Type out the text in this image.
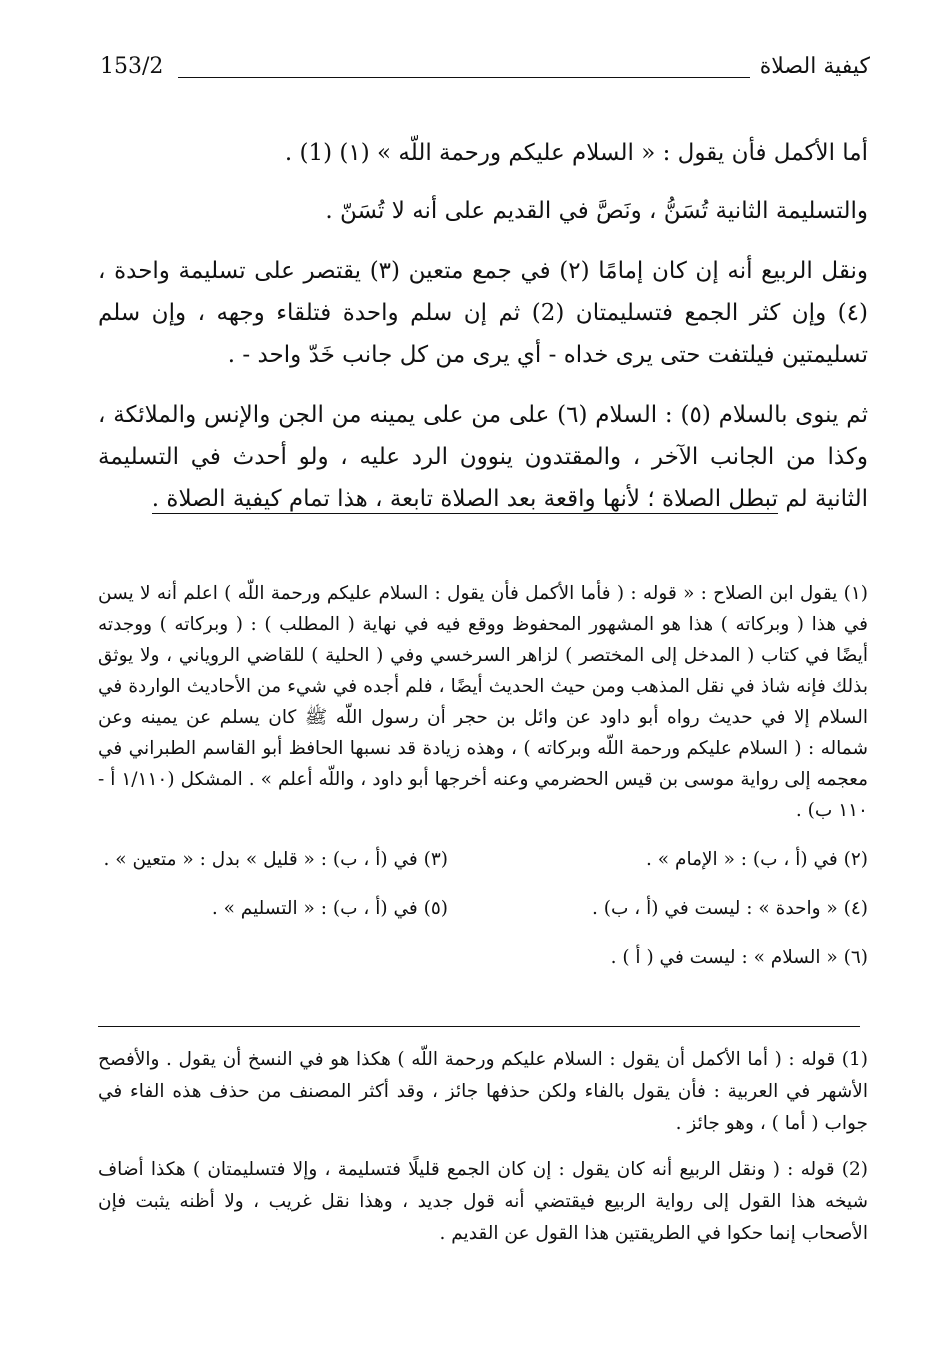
كيفية الصلاة
153/2

أما الأكمل فأن يقول : « السلام عليكم ورحمة اللّه » (١) (1) .

والتسليمة الثانية تُسَنُّ ، ونَصَّ في القديم على أنه لا تُسَنّ .

ونقل الربيع أنه إن كان إمامًا (٢) في جمع متعين (٣) يقتصر على تسليمة واحدة ، (٤) وإن كثر الجمع فتسليمتان (2) ثم إن سلم واحدة فتلقاء وجهه ، وإن سلم تسليمتين فيلتفت حتى يرى خداه - أي يرى من كل جانب خَدّ واحد - .

ثم ينوى بالسلام (٥) : السلام (٦) على من على يمينه من الجن والإنس والملائكة ، وكذا من الجانب الآخر ، والمقتدون ينوون الرد عليه ، ولو أحدث في التسليمة الثانية لم تبطل الصلاة ؛ لأنها واقعة بعد الصلاة تابعة ، هذا تمام كيفية الصلاة .

(١) يقول ابن الصلاح : « قوله : ( فأما الأكمل فأن يقول : السلام عليكم ورحمة اللّه ) اعلم أنه لا يسن في هذا ( وبركاته ) هذا هو المشهور المحفوظ ووقع فيه في نهاية ( المطلب ) : ( وبركاته ) ووجدته أيضًا في كتاب ( المدخل إلى المختصر ) لزاهر السرخسي وفي ( الحلية ) للقاضي الروياني ، ولا يوثق بذلك فإنه شاذ في نقل المذهب ومن حيث الحديث أيضًا ، فلم أجده في شيء من الأحاديث الواردة في السلام إلا في حديث رواه أبو داود عن وائل بن حجر أن رسول اللّه ﷺ كان يسلم عن يمينه وعن شماله : ( السلام عليكم ورحمة اللّه وبركاته ) ، وهذه زيادة قد نسبها الحافظ أبو القاسم الطبراني في معجمه إلى رواية موسى بن قيس الحضرمي وعنه أخرجها أبو داود ، واللّه أعلم » . المشكل (١/١١٠ أ - ١١٠ ب) .

(٢) في (أ ، ب) : « الإمام » .
(٣) في (أ ، ب) : « قليل » بدل : « متعين » .
(٤) « واحدة » : ليست في (أ ، ب) .
(٥) في (أ ، ب) : « التسليم » .
(٦) « السلام » : ليست في ( أ ) .

(1) قوله : ( أما الأكمل أن يقول : السلام عليكم ورحمة اللّه ) هكذا هو في النسخ أن يقول . والأفصح الأشهر في العربية : فأن يقول بالفاء ولكن حذفها جائز ، وقد أكثر المصنف من حذف هذه الفاء في جواب ( أما ) ، وهو جائز .

(2) قوله : ( ونقل الربيع أنه كان يقول : إن كان الجمع قليلًا فتسليمة ، وإلا فتسليمتان ) هكذا أضاف شيخه هذا القول إلى رواية الربيع فيقتضي أنه قول جديد ، وهذا نقل غريب ، ولا أظنه يثبت فإن الأصحاب إنما حكوا في الطريقتين هذا القول عن القديم .
